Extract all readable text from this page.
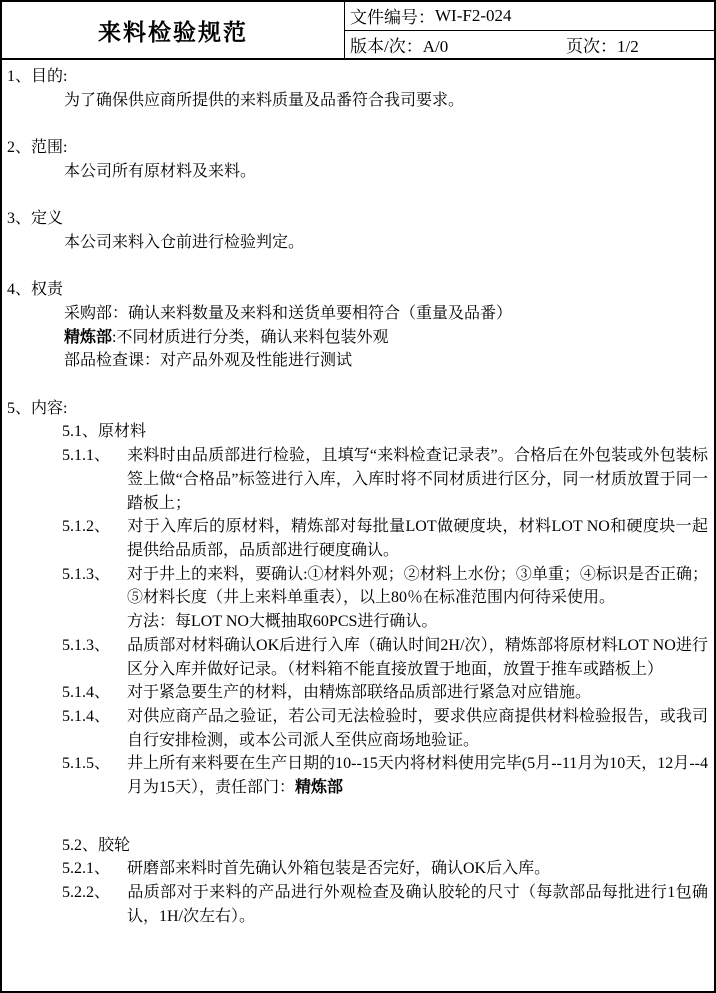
来料检验规范
文件编号： WI-F2-024
版本/次：A/0	页次：1/2
1、目的:
为了确保供应商所提供的来料质量及品番符合我司要求。
2、范围:
本公司所有原材料及来料。
3、定义
本公司来料入仓前进行检验判定。
4、权责
采购部：确认来料数量及来料和送货单要相符合（重量及品番）
精炼部:不同材质进行分类，确认来料包装外观
部品检查课：对产品外观及性能进行测试
5、内容:
5.1、原材料
5.1.1、 来料时由品质部进行检验，且填写“来料检查记录表”。合格后在外包装或外包装标签上做“合格品”标签进行入库，入库时将不同材质进行区分，同一材质放置于同一踏板上；
5.1.2、 对于入库后的原材料，精炼部对每批量LOT做硬度块，材料LOT NO和硬度块一起提供给品质部，品质部进行硬度确认。
5.1.3、 对于井上的来料，要确认:①材料外观；②材料上水份；③单重；④标识是否正确；⑤材料长度（井上来料单重表），以上80％在标准范围内何待采使用。
方法：每LOT NO大概抽取60PCS进行确认。
5.1.3、 品质部对材料确认OK后进行入库（确认时间2H/次），精炼部将原材料LOT NO进行区分入库并做好记录。（材料箱不能直接放置于地面，放置于推车或踏板上）
5.1.4、 对于紧急要生产的材料，由精炼部联络品质部进行紧急对应错施。
5.1.4、 对供应商产品之验证，若公司无法检验时，要求供应商提供材料检验报告，或我司自行安排检测，或本公司派人至供应商场地验证。
5.1.5、 井上所有来料要在生产日期的10--15天内将材料使用完毕(5月--11月为10天，12月--4月为15天），责任部门：精炼部
5.2、胶轮
5.2.1、 研磨部来料时首先确认外箱包装是否完好，确认OK后入库。
5.2.2、 品质部对于来料的产品进行外观检查及确认胶轮的尺寸（每款部品每批进行1包确认，1H/次左右）。
